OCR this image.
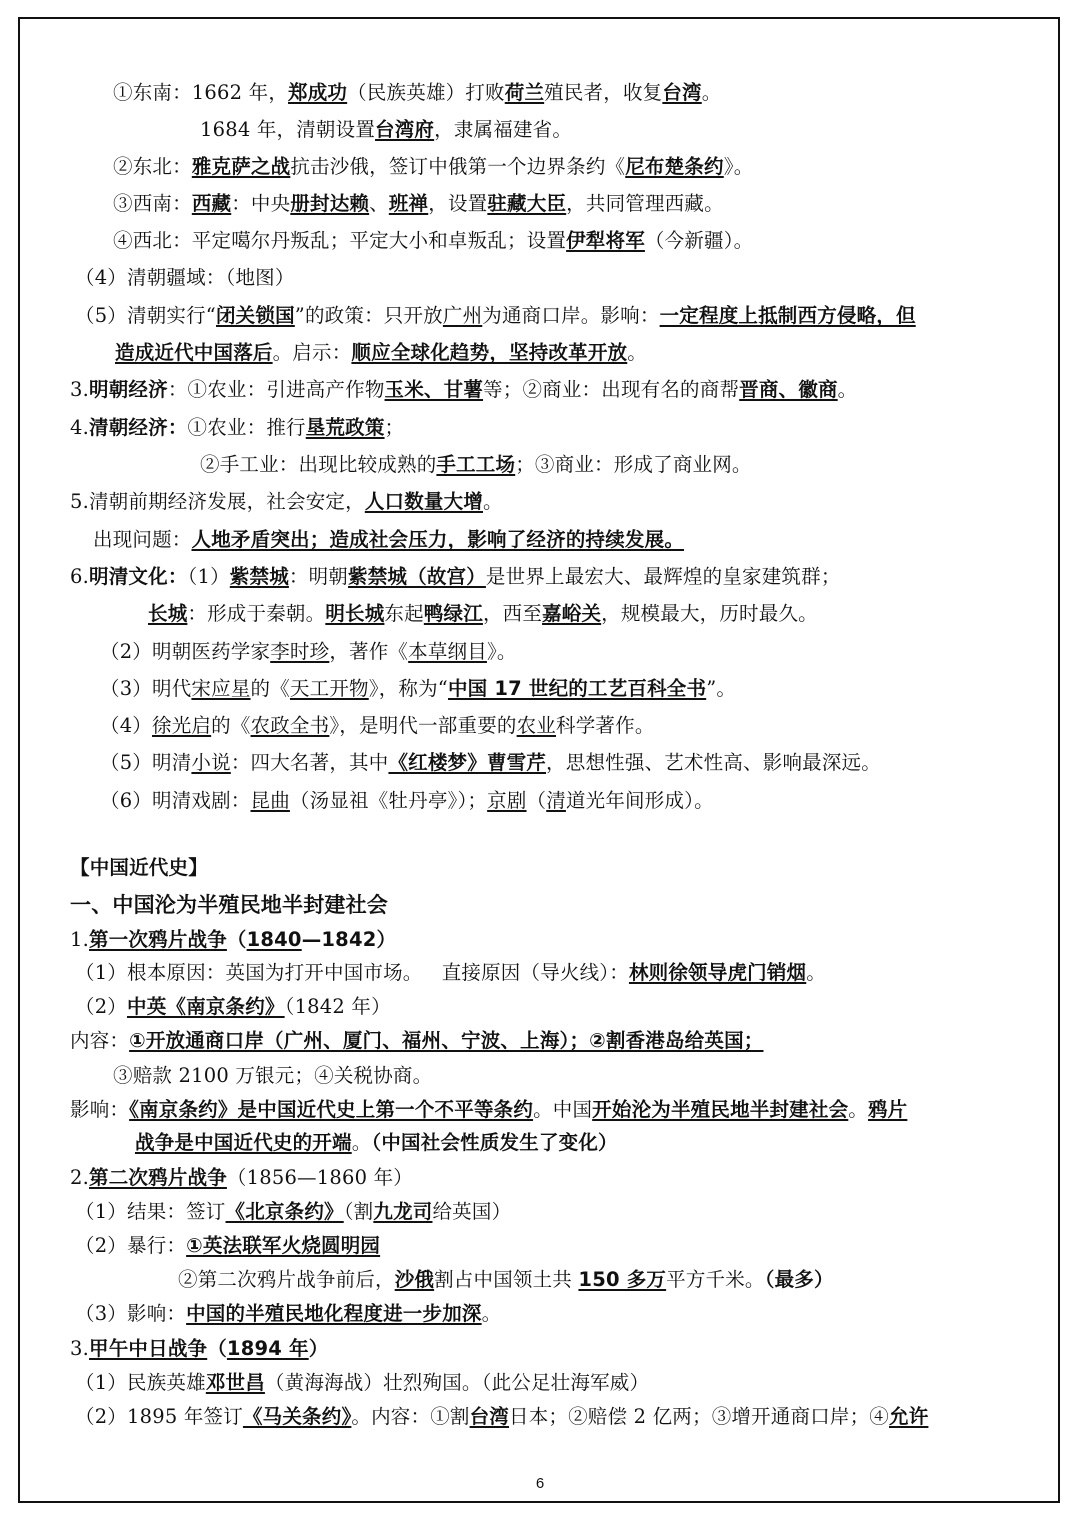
①东南：1662 年，郑成功（民族英雄）打败荷兰殖民者，收复台湾。
1684 年，清朝设置台湾府，隶属福建省。
②东北：雅克萨之战抗击沙俄，签订中俄第一个边界条约《尼布楚条约》。
③西南：西藏：中央册封达赖、班禅，设置驻藏大臣，共同管理西藏。
④西北：平定噶尔丹叛乱；平定大小和卓叛乱；设置伊犁将军（今新疆）。
（4）清朝疆域：（地图）
（5）清朝实行“闭关锁国”的政策：只开放广州为通商口岸。影响：一定程度上抵制西方侵略，但
造成近代中国落后。启示：顺应全球化趋势，坚持改革开放。
3.明朝经济：①农业：引进高产作物玉米、甘薯等；②商业：出现有名的商帮晋商、徽商。
4.清朝经济：①农业：推行垦荒政策；
②手工业：出现比较成熟的手工工场；③商业：形成了商业网。
5.清朝前期经济发展，社会安定，人口数量大增。
出现问题：人地矛盾突出；造成社会压力，影响了经济的持续发展。
6.明清文化：（1）紫禁城：明朝紫禁城（故宫）是世界上最宏大、最辉煌的皇家建筑群；
长城：形成于秦朝。明长城东起鸭绿江，西至嘉峪关，规模最大，历时最久。
（2）明朝医药学家李时珍，著作《本草纲目》。
（3）明代宋应星的《天工开物》，称为“中国 17 世纪的工艺百科全书”。
（4）徐光启的《农政全书》，是明代一部重要的农业科学著作。
（5）明清小说：四大名著，其中《红楼梦》曹雪芹，思想性强、艺术性高、影响最深远。
（6）明清戏剧：昆曲（汤显祖《牡丹亭》）；京剧（清道光年间形成）。
【中国近代史】
一、中国沦为半殖民地半封建社会
1.第一次鸦片战争（1840—1842）
（1）根本原因：英国为打开中国市场。   直接原因（导火线）：林则徐领导虎门销烟。
（2）中英《南京条约》（1842 年）
内容：①开放通商口岸（广州、厦门、福州、宁波、上海）；②割香港岛给英国；
③赔款 2100 万银元；④关税协商。
影响：《南京条约》是中国近代史上第一个不平等条约。中国开始沦为半殖民地半封建社会。鸦片
战争是中国近代史的开端。（中国社会性质发生了变化）
2.第二次鸦片战争（1856—1860 年）
（1）结果：签订《北京条约》（割九龙司给英国）
（2）暴行：①英法联军火烧圆明园
②第二次鸦片战争前后，沙俄割占中国领土共 150 多万平方千米。（最多）
（3）影响：中国的半殖民地化程度进一步加深。
3.甲午中日战争（1894 年）
（1）民族英雄邓世昌（黄海海战）壮烈殉国。（此公足壮海军威）
（2）1895 年签订《马关条约》。内容：①割台湾日本；②赔偿 2 亿两；③增开通商口岸；④允许
6
